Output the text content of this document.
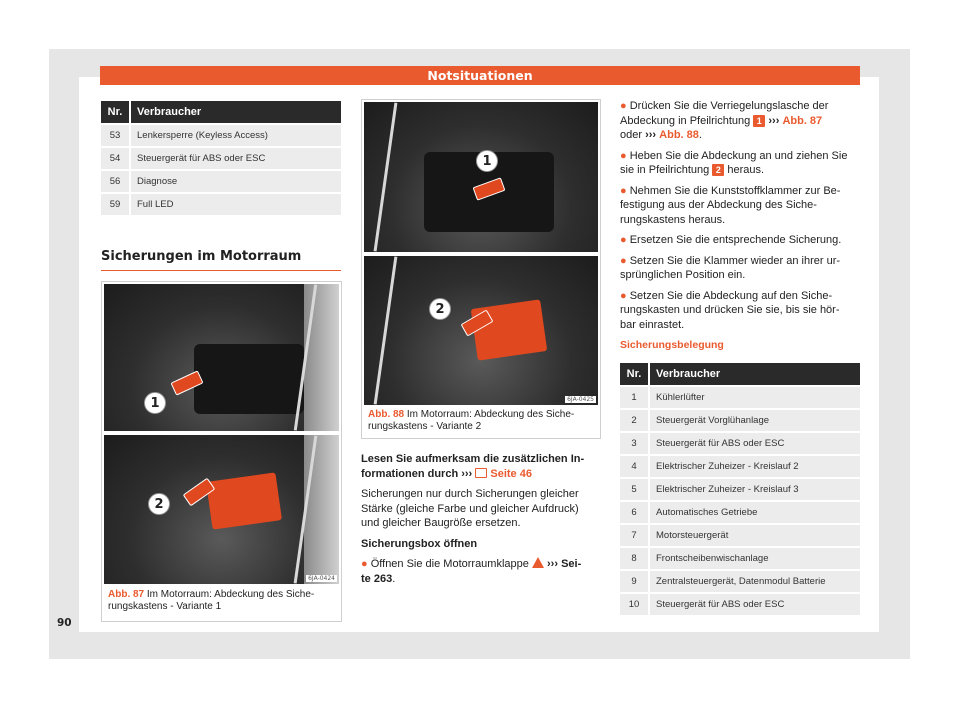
Notsituationen
Nr.	Verbraucher
53	Lenkersperre (Keyless Access)
54	Steuergerät für ABS oder ESC
56	Diagnose
59	Full LED
Sicherungen im Motorraum
1
2
6JA-0424
Abb. 87 Im Motorraum: Abdeckung des Siche-
rungskastens - Variante 1
1
2
6JA-0425
Abb. 88 Im Motorraum: Abdeckung des Siche-
rungskastens - Variante 2

Lesen Sie aufmerksam die zusätzlichen In-
formationen durch ››› Seite 46

Sicherungen nur durch Sicherungen gleicher
Stärke (gleiche Farbe und gleicher Aufdruck)
und gleicher Baugröße ersetzen.

Sicherungsbox öffnen

● Öffnen Sie die Motorraumklappe ››› Sei-
te 263.

● Drücken Sie die Verriegelungslasche der
Abdeckung in Pfeilrichtung 1 ››› Abb. 87
oder ››› Abb. 88.

● Heben Sie die Abdeckung an und ziehen Sie
sie in Pfeilrichtung 2 heraus.

● Nehmen Sie die Kunststoffklammer zur Be-
festigung aus der Abdeckung des Siche-
rungskastens heraus.

● Ersetzen Sie die entsprechende Sicherung.

● Setzen Sie die Klammer wieder an ihrer ur-
sprünglichen Position ein.

● Setzen Sie die Abdeckung auf den Siche-
rungskasten und drücken Sie sie, bis sie hör-
bar einrastet.

Sicherungsbelegung

Nr.	Verbraucher
1	Kühlerlüfter
2	Steuergerät Vorglühanlage
3	Steuergerät für ABS oder ESC
4	Elektrischer Zuheizer - Kreislauf 2
5	Elektrischer Zuheizer - Kreislauf 3
6	Automatisches Getriebe
7	Motorsteuergerät
8	Frontscheibenwischanlage
9	Zentralsteuergerät, Datenmodul Batterie
10	Steuergerät für ABS oder ESC
90
